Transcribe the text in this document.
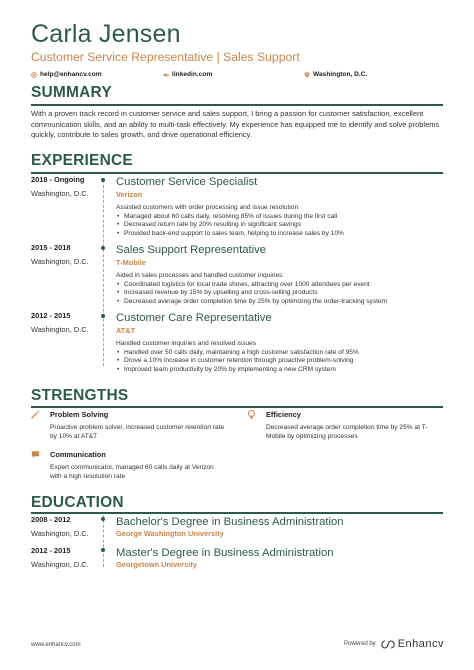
Carla Jensen
Customer Service Representative | Sales Support
help@enhancv.com	linkedin.com	Washington, D.C.
SUMMARY
With a proven track record in customer service and sales support, I bring a passion for customer satisfaction, excellent communication skills, and an ability to multi-task effectively. My experience has equipped me to identify and solve problems quickly, contribute to sales growth, and drive operational efficiency.
EXPERIENCE
2018 - Ongoing
Washington, D.C.
Customer Service Specialist
Verizon
Assisted customers with order processing and issue resolution
• Managed about 60 calls daily, resolving 85% of issues during the first call
• Decreased return rate by 20% resulting in significant savings
• Provided back-end support to sales team, helping to increase sales by 10%
2015 - 2018
Washington, D.C.
Sales Support Representative
T-Mobile
Aided in sales processes and handled customer inquiries
• Coordinated logistics for local trade shows, attracting over 1000 attendees per event
• Increased revenue by 15% by upselling and cross-selling products
• Decreased average order completion time by 25% by optimizing the order-tracking system
2012 - 2015
Washington, D.C.
Customer Care Representative
AT&T
Handled customer inquiries and resolved issues
• Handled over 50 calls daily, maintaining a high customer satisfaction rate of 95%
• Drove a 10% increase in customer retention through proactive problem-solving
• Improved team productivity by 20% by implementing a new CRM system
STRENGTHS
Problem Solving
Proactive problem solver, increased customer retention rate by 10% at AT&T
Efficiency
Decreased average order completion time by 25% at T-Mobile by optimizing processes
Communication
Expert communicator, managed 60 calls daily at Verizon with a high resolution rate
EDUCATION
2008 - 2012
Washington, D.C.
Bachelor's Degree in Business Administration
George Washington University
2012 - 2015
Washington, D.C.
Master's Degree in Business Administration
Georgetown University
www.enhancv.com	Powered by Enhancv
